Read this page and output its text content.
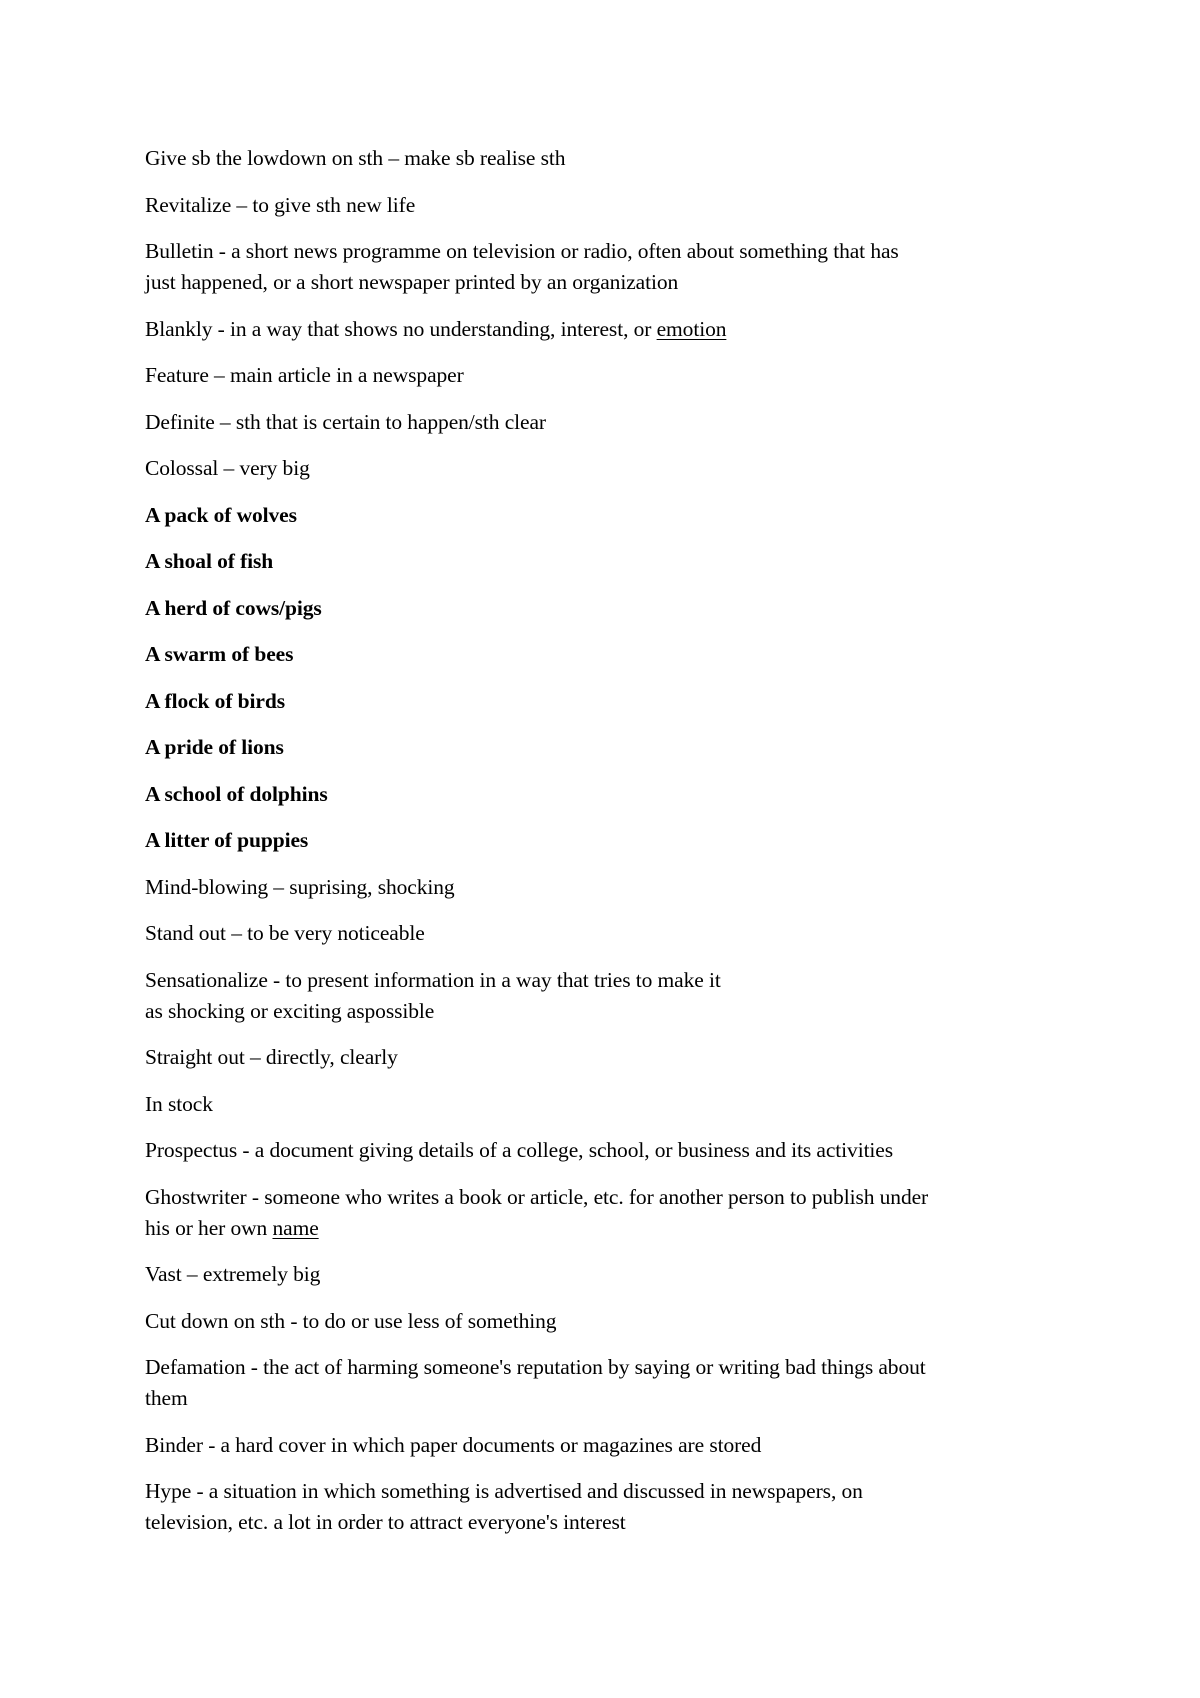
Give sb the lowdown on sth – make sb realise sth

Revitalize – to give sth new life

Bulletin - a short news programme on television or radio, often about something that has
just happened, or a short newspaper printed by an organization

Blankly - in a way that shows no understanding, interest, or emotion

Feature – main article in a newspaper

Definite – sth that is certain to happen/sth clear

Colossal – very big

A pack of wolves

A shoal of fish

A herd of cows/pigs

A swarm of bees

A flock of birds

A pride of lions

A school of dolphins

A litter of puppies

Mind-blowing – suprising, shocking

Stand out – to be very noticeable

Sensationalize - to present information in a way that tries to make it
as shocking or exciting aspossible

Straight out – directly, clearly

In stock

Prospectus - a document giving details of a college, school, or business and its activities

Ghostwriter - someone who writes a book or article, etc. for another person to publish under
his or her own name

Vast – extremely big

Cut down on sth - to do or use less of something

Defamation - the act of harming someone's reputation by saying or writing bad things about
them

Binder - a hard cover in which paper documents or magazines are stored

Hype - a situation in which something is advertised and discussed in newspapers, on
television, etc. a lot in order to attract everyone's interest
